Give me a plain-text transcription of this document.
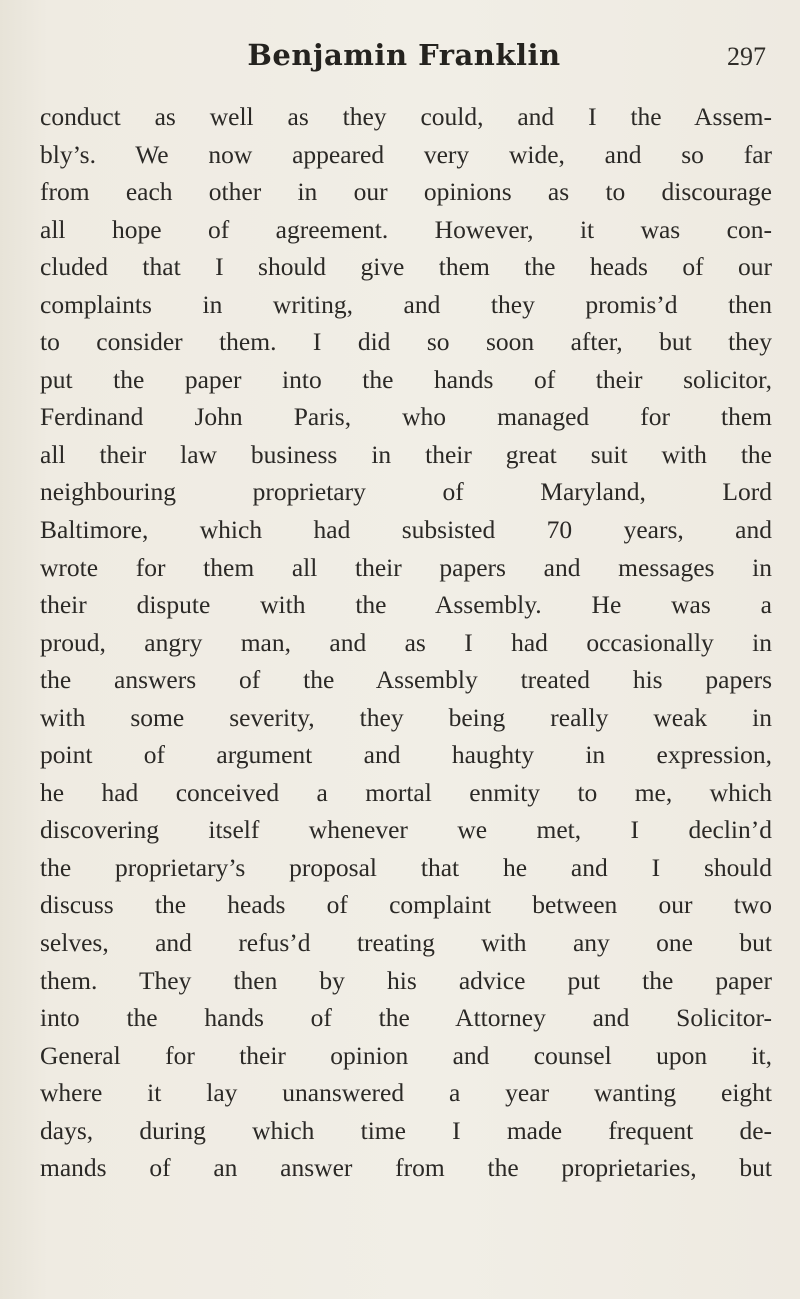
Benjamin Franklin	297
conduct as well as they could, and I the Assem-
bly’s. We now appeared very wide, and so far
from each other in our opinions as to discourage
all hope of agreement. However, it was con-
cluded that I should give them the heads of our
complaints in writing, and they promis’d then
to consider them. I did so soon after, but they
put the paper into the hands of their solicitor,
Ferdinand John Paris, who managed for them
all their law business in their great suit with the
neighbouring proprietary of Maryland, Lord
Baltimore, which had subsisted 70 years, and
wrote for them all their papers and messages in
their dispute with the Assembly. He was a
proud, angry man, and as I had occasionally in
the answers of the Assembly treated his papers
with some severity, they being really weak in
point of argument and haughty in expression,
he had conceived a mortal enmity to me, which
discovering itself whenever we met, I declin’d
the proprietary’s proposal that he and I should
discuss the heads of complaint between our two
selves, and refus’d treating with any one but
them. They then by his advice put the paper
into the hands of the Attorney and Solicitor-
General for their opinion and counsel upon it,
where it lay unanswered a year wanting eight
days, during which time I made frequent de-
mands of an answer from the proprietaries, but
